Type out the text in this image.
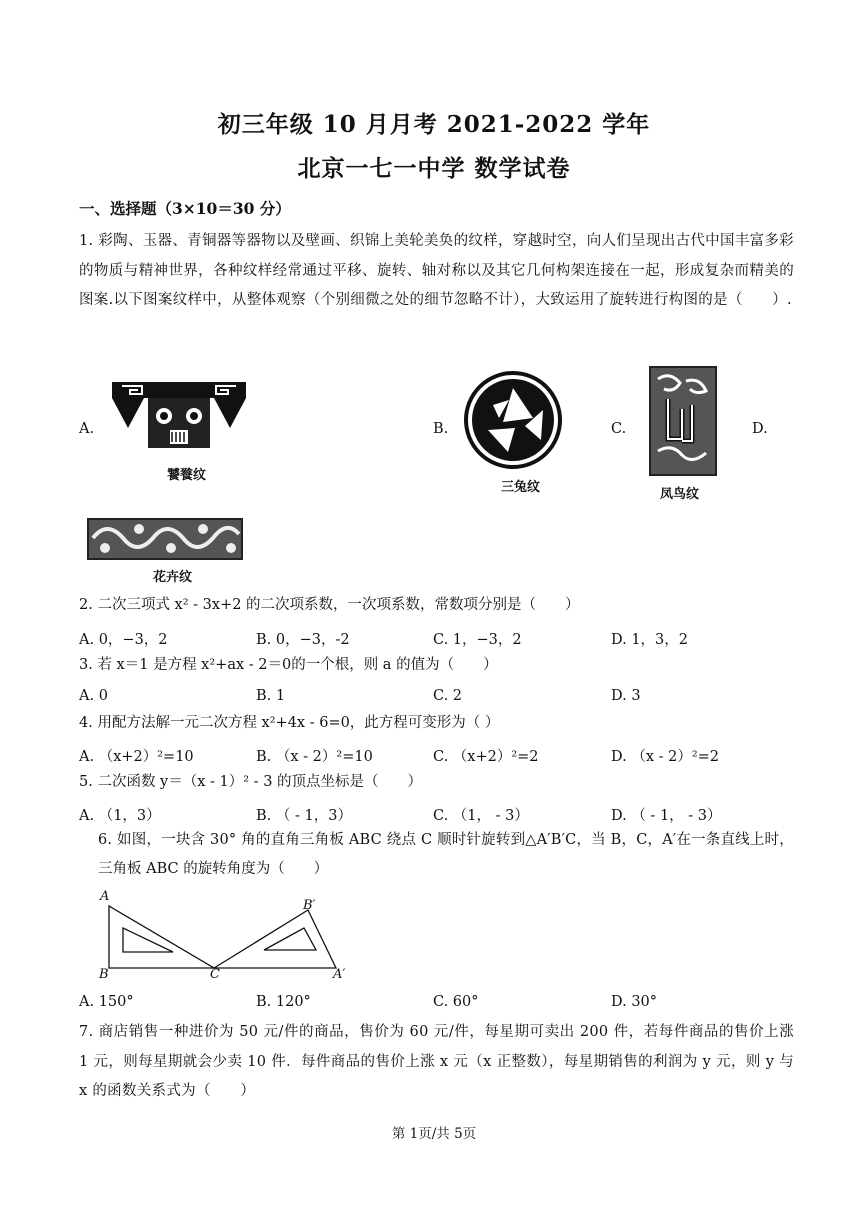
初三年级 10 月月考 2021-2022 学年
北京一七一中学 数学试卷
一、选择题（3×10＝30 分）
1. 彩陶、玉器、青铜器等器物以及壁画、织锦上美轮美奂的纹样，穿越时空，向人们呈现出古代中国丰富多彩的物质与精神世界，各种纹样经常通过平移、旋转、轴对称以及其它几何构架连接在一起，形成复杂而精美的图案.以下图案纹样中，从整体观察（个别细微之处的细节忽略不计），大致运用了旋转进行构图的是（　　）.
A.
饕餮纹
B.
三兔纹
C.
凤鸟纹
D.
花卉纹
2. 二次三项式 x² - 3x+2 的二次项系数，一次项系数，常数项分别是（　　）
A. 0，−3，2	B. 0，−3，-2	C. 1，−3，2	D. 1，3，2
3. 若 x＝1 是方程 x²+ax - 2＝0的一个根，则 a 的值为（　　）
A. 0	B. 1	C. 2	D. 3
4. 用配方法解一元二次方程 x²+4x - 6=0，此方程可变形为（ ）
A. （x+2）²=10	B. （x - 2）²=10	C. （x+2）²=2	D. （x - 2）²=2
5. 二次函数 y＝（x - 1）² - 3 的顶点坐标是（　　）
A. （1，3）	B. （ - 1，3）	C. （1， - 3）	D. （ - 1， - 3）
6. 如图，一块含 30° 角的直角三角板 ABC 绕点 C 顺时针旋转到△A′B′C，当 B，C，A′在一条直线上时，
三角板 ABC 的旋转角度为（　　）
A
B	C
B′
A′
A. 150°	B. 120°	C. 60°	D. 30°
7. 商店销售一种进价为 50 元/件的商品，售价为 60 元/件，每星期可卖出 200 件，若每件商品的售价上涨 1 元，则每星期就会少卖 10 件．每件商品的售价上涨 x 元（x 正整数），每星期销售的利润为 y 元，则 y 与 x 的函数关系式为（　　）
第 1页/共 5页
